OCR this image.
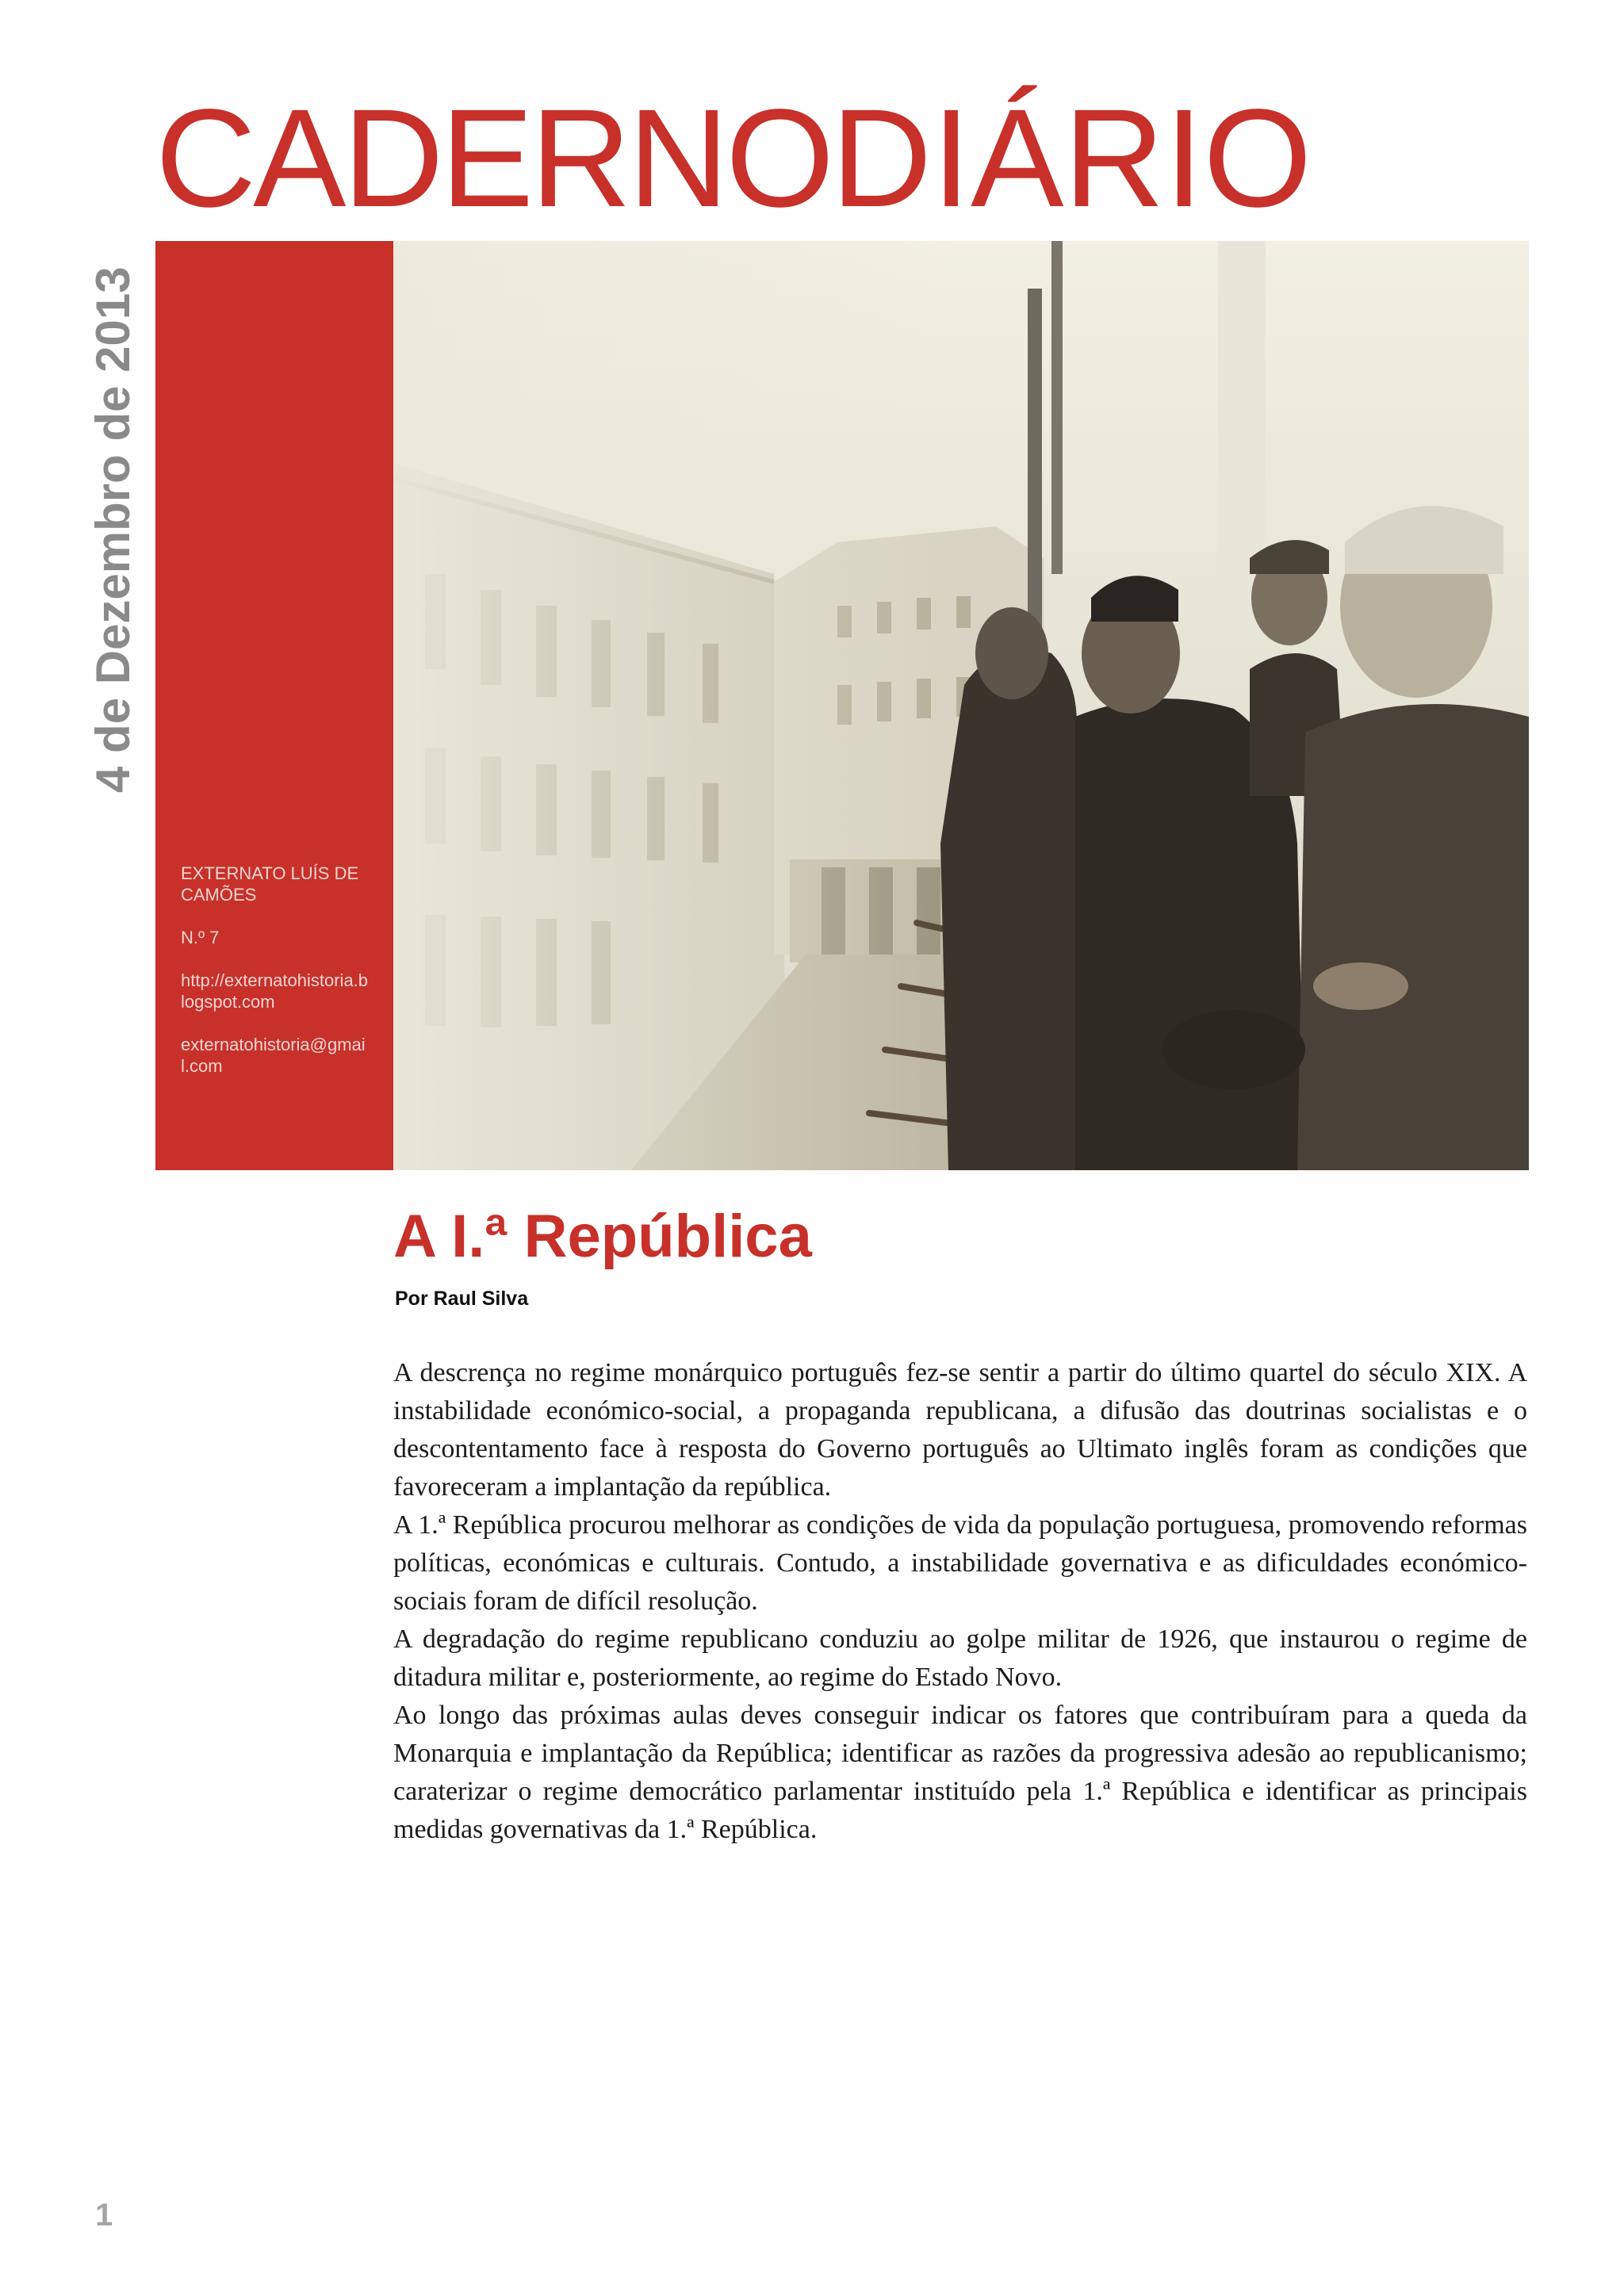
CADERNODIÁRIO
4 de Dezembro de 2013

EXTERNATO LUÍS DE CAMÕES

N.º 7

http://externatohistoria.blogspot.com

externatohistoria@gmail.com

A I.ª República
Por Raul Silva

A descrença no regime monárquico português fez-se sentir a partir do último quartel do século XIX. A instabilidade económico-social, a propaganda republicana, a difusão das doutrinas socialistas e o descontentamento face à resposta do Governo português ao Ultimato inglês foram as condições que favoreceram a implantação da república.

A 1.ª República procurou melhorar as condições de vida da população portuguesa, promovendo reformas políticas, económicas e culturais. Contudo, a instabilidade governativa e as dificuldades económico-sociais foram de difícil resolução.

A degradação do regime republicano conduziu ao golpe militar de 1926, que instaurou o regime de ditadura militar e, posteriormente, ao regime do Estado Novo.

Ao longo das próximas aulas deves conseguir indicar os fatores que contribuíram para a queda da Monarquia e implantação da República; identificar as razões da progressiva adesão ao republicanismo; caraterizar o regime democrático parlamentar instituído pela 1.ª República e identificar as principais medidas governativas da 1.ª República.

1
